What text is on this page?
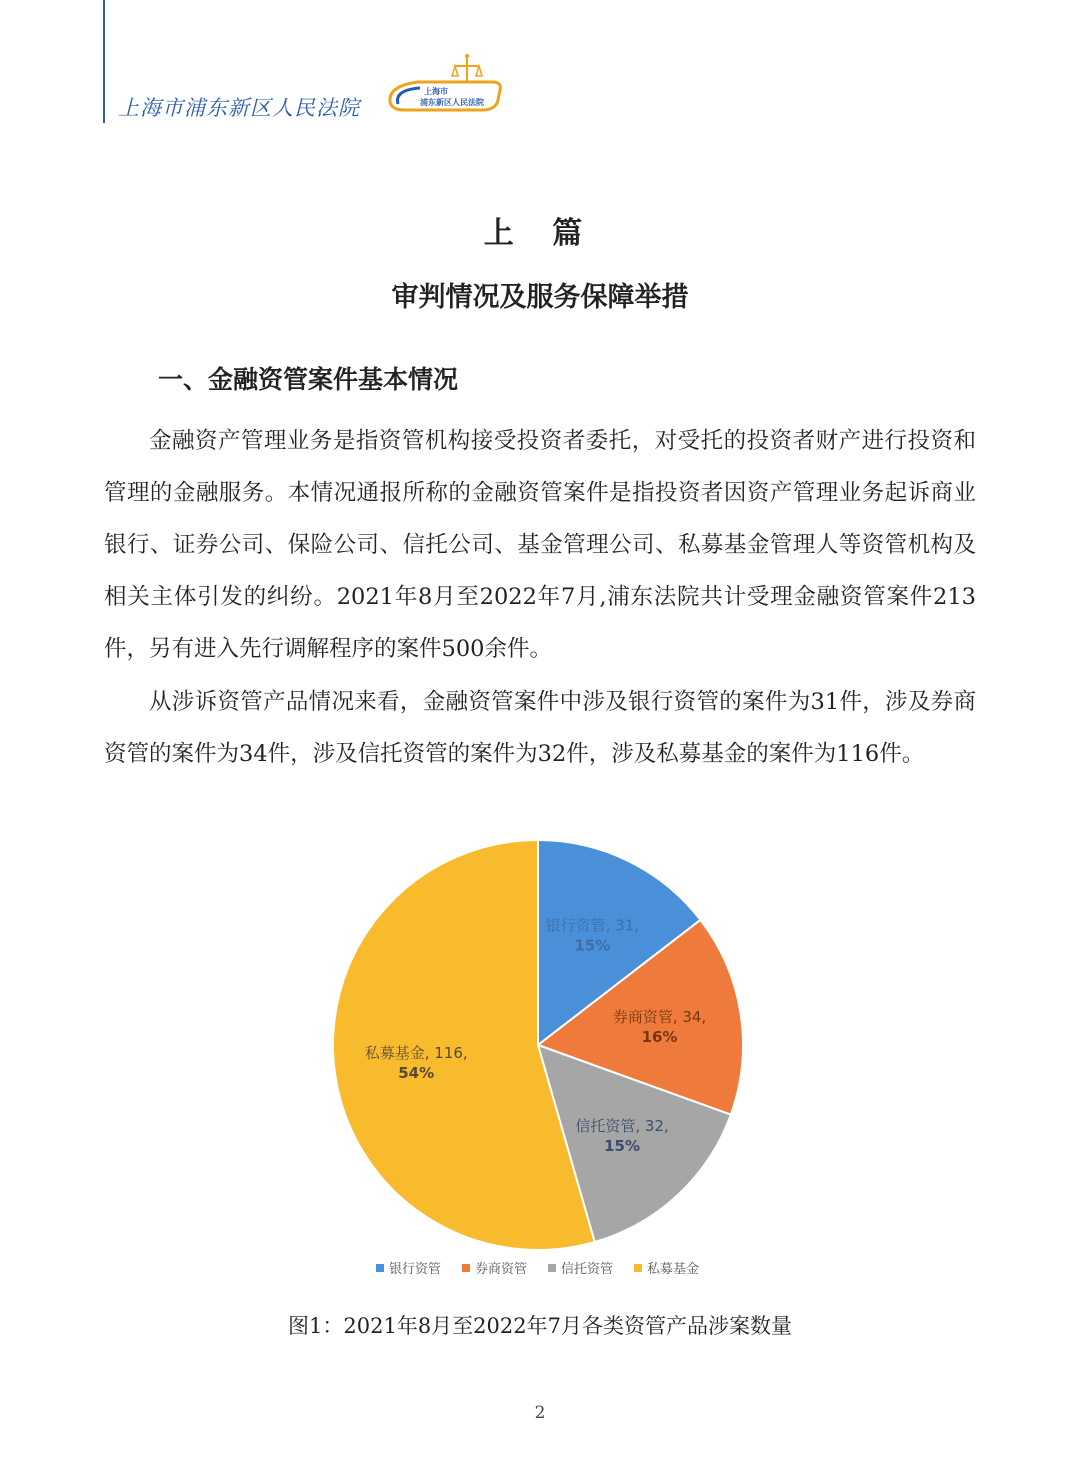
上海市浦东新区人民法院
上海市
浦东新区人民法院
上 篇
审判情况及服务保障举措
一、金融资管案件基本情况

金融资产管理业务是指资管机构接受投资者委托，对受托的投资者财产进行投资和管理的金融服务。本情况通报所称的金融资管案件是指投资者因资产管理业务起诉商业银行、证券公司、保险公司、信托公司、基金管理公司、私募基金管理人等资管机构及相关主体引发的纠纷。2021年8月至2022年7月,浦东法院共计受理金融资管案件213件，另有进入先行调解程序的案件500余件。

从涉诉资管产品情况来看，金融资管案件中涉及银行资管的案件为31件，涉及券商资管的案件为34件，涉及信托资管的案件为32件，涉及私募基金的案件为116件。

银行资管, 31,
15%
券商资管, 34,
16%
信托资管, 32,
15%
私募基金, 116,
54%
银行资管	券商资管	信托资管	私募基金
图1：2021年8月至2022年7月各类资管产品涉案数量
2
